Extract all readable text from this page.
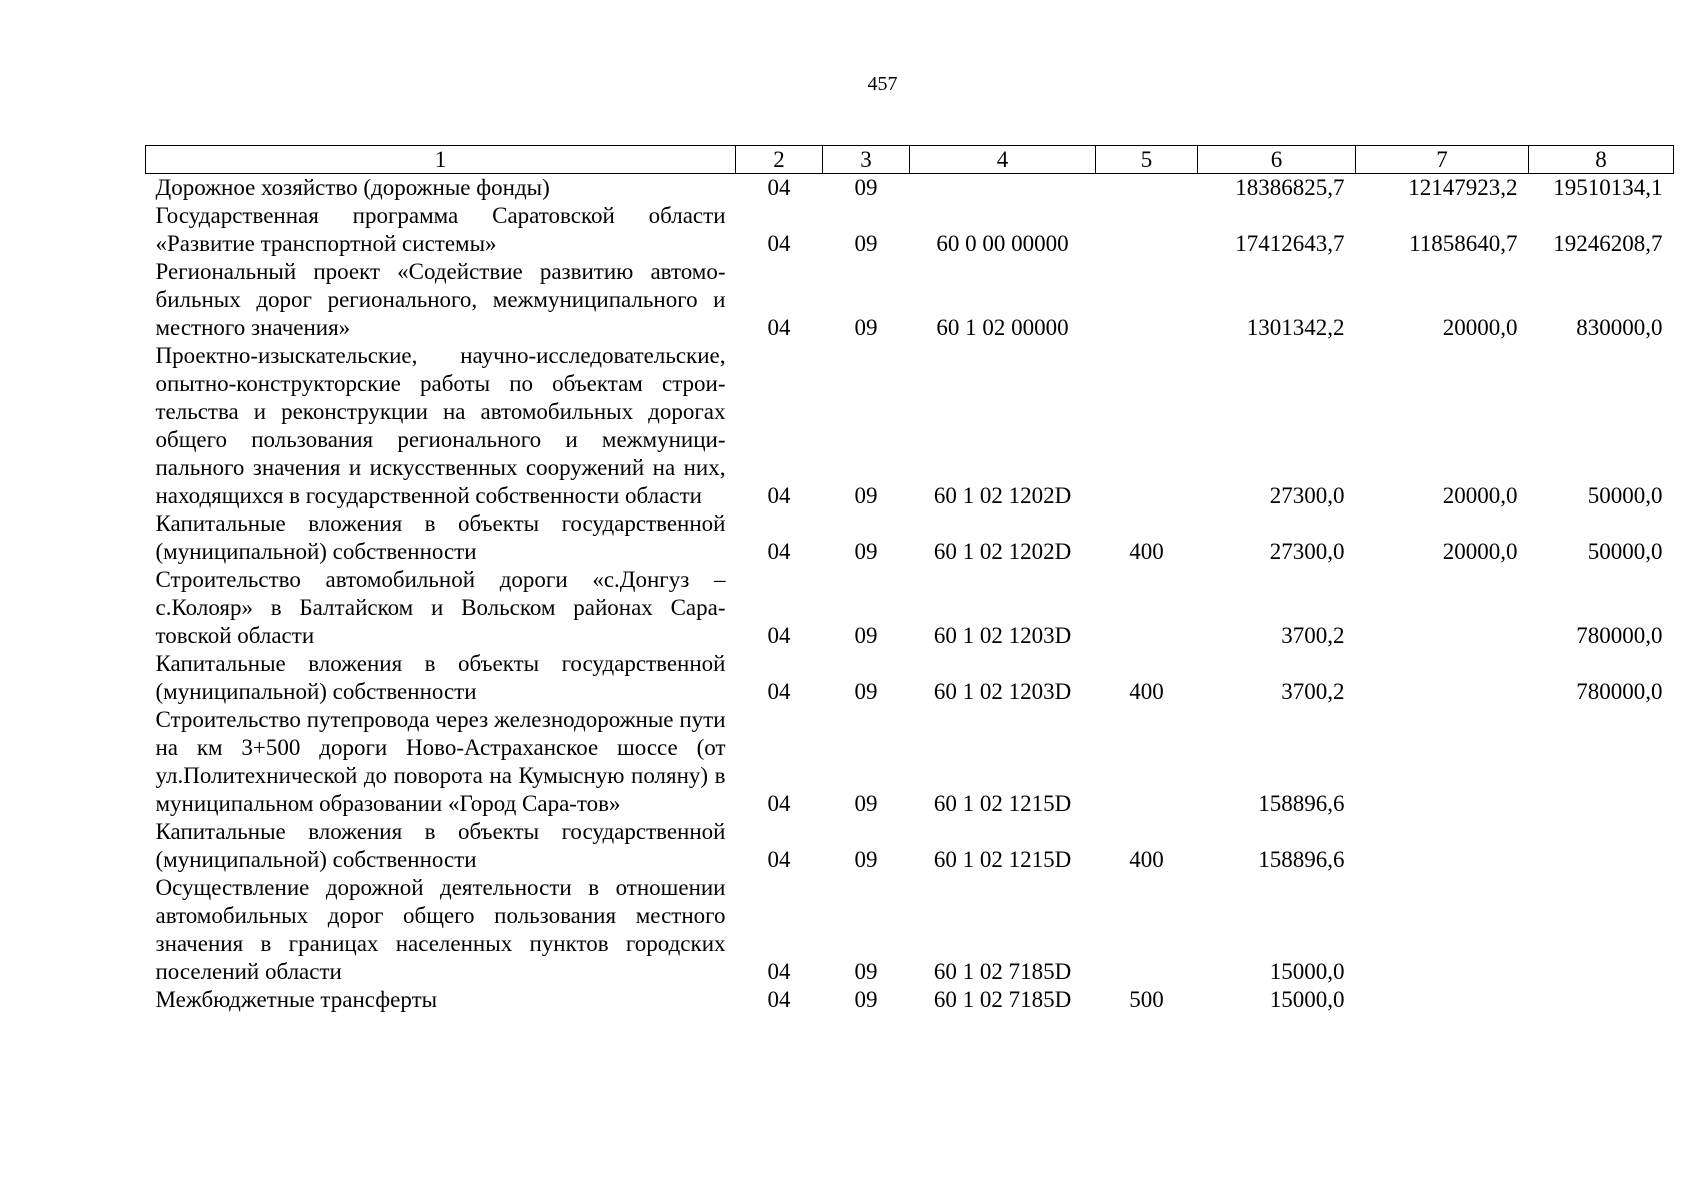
457
1	2	3	4	5	6	7	8
Дорожное хозяйство (дорожные фонды)	04	09			18386825,7	12147923,2	19510134,1
Государственная программа Саратовской области «Развитие транспортной системы»	04	09	60 0 00 00000		17412643,7	11858640,7	19246208,7
Региональный проект «Содействие развитию автомо-бильных дорог регионального, межмуниципального и местного значения»	04	09	60 1 02 00000		1301342,2	20000,0	830000,0
Проектно-изыскательские, научно-исследовательские, опытно-конструкторские работы по объектам строи-тельства и реконструкции на автомобильных дорогах общего пользования регионального и межмуници-пального значения и искусственных сооружений на них, находящихся в государственной собственности области	04	09	60 1 02 1202D		27300,0	20000,0	50000,0
Капитальные вложения в объекты государственной (муниципальной) собственности	04	09	60 1 02 1202D	400	27300,0	20000,0	50000,0
Строительство автомобильной дороги «с.Донгуз – с.Колояр» в Балтайском и Вольском районах Сара-товской области	04	09	60 1 02 1203D		3700,2		780000,0
Капитальные вложения в объекты государственной (муниципальной) собственности	04	09	60 1 02 1203D	400	3700,2		780000,0
Строительство путепровода через железнодорожные пути на км 3+500 дороги Ново-Астраханское шоссе (от ул.Политехнической до поворота на Кумысную поляну) в муниципальном образовании «Город Сара-тов»	04	09	60 1 02 1215D		158896,6		
Капитальные вложения в объекты государственной (муниципальной) собственности	04	09	60 1 02 1215D	400	158896,6		
Осуществление дорожной деятельности в отношении автомобильных дорог общего пользования местного значения в границах населенных пунктов городских поселений области	04	09	60 1 02 7185D		15000,0		
Межбюджетные трансферты	04	09	60 1 02 7185D	500	15000,0		
